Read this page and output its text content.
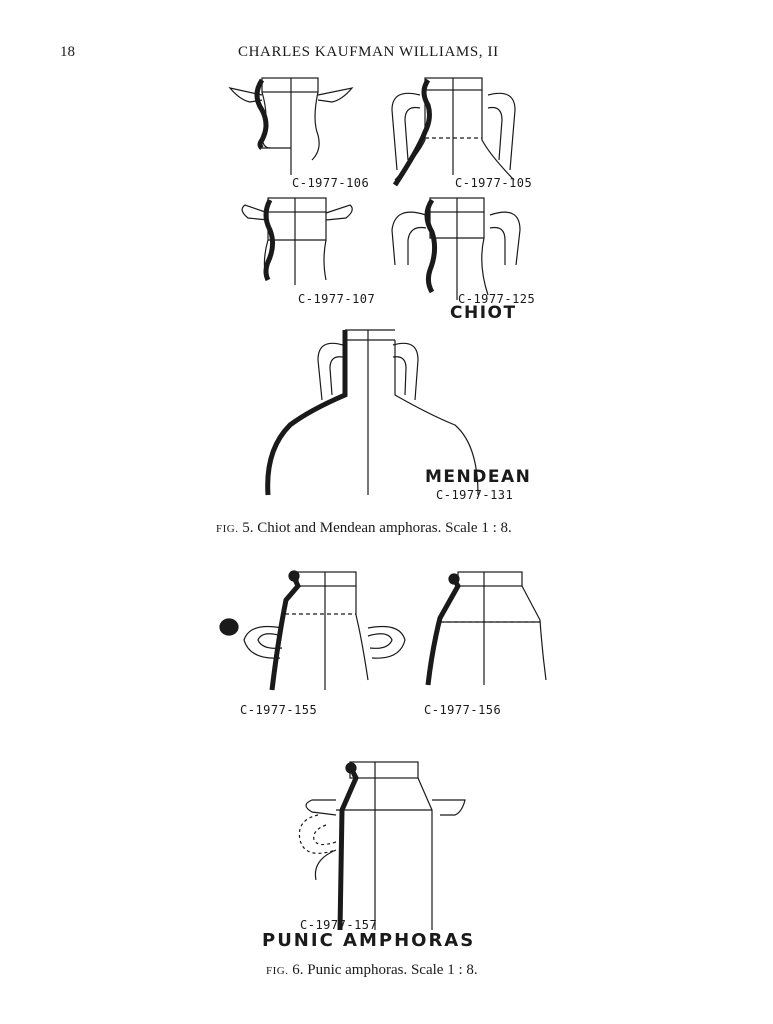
18	CHARLES KAUFMAN WILLIAMS, II
C-1977-106	C-1977-105
C-1977-107	C-1977-125
CHIOT
MENDEAN
C-1977-131
FIG. 5. Chiot and Mendean amphoras. Scale 1 : 8.
C-1977-155	C-1977-156
C-1977-157
PUNIC AMPHORAS
FIG. 6. Punic amphoras. Scale 1 : 8.
